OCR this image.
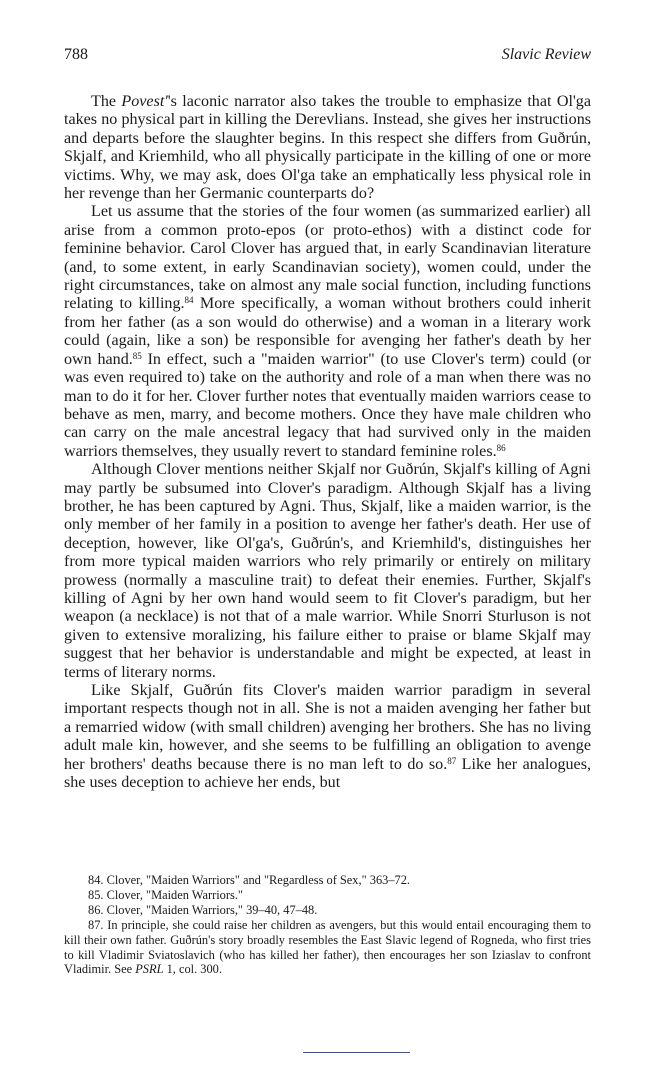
788	Slavic Review

The Povest''s laconic narrator also takes the trouble to emphasize that Ol'ga takes no physical part in killing the Derevlians. Instead, she gives her instructions and departs before the slaughter begins. In this respect she differs from Guðrún, Skjalf, and Kriemhild, who all physically participate in the killing of one or more victims. Why, we may ask, does Ol'ga take an emphatically less physical role in her revenge than her Germanic counterparts do?

Let us assume that the stories of the four women (as summarized earlier) all arise from a common proto-epos (or proto-ethos) with a distinct code for feminine behavior. Carol Clover has argued that, in early Scandinavian literature (and, to some extent, in early Scandinavian society), women could, under the right circumstances, take on almost any male social function, including functions relating to killing.$^{84}$ More specifically, a woman without brothers could inherit from her father (as a son would do otherwise) and a woman in a literary work could (again, like a son) be responsible for avenging her father's death by her own hand.$^{85}$ In effect, such a "maiden warrior" (to use Clover's term) could (or was even required to) take on the authority and role of a man when there was no man to do it for her. Clover further notes that eventually maiden warriors cease to behave as men, marry, and become mothers. Once they have male children who can carry on the male ancestral legacy that had survived only in the maiden warriors themselves, they usually revert to standard feminine roles.$^{86}$

Although Clover mentions neither Skjalf nor Guðrún, Skjalf's killing of Agni may partly be subsumed into Clover's paradigm. Although Skjalf has a living brother, he has been captured by Agni. Thus, Skjalf, like a maiden warrior, is the only member of her family in a position to avenge her father's death. Her use of deception, however, like Ol'ga's, Guðrún's, and Kriemhild's, distinguishes her from more typical maiden warriors who rely primarily or entirely on military prowess (normally a masculine trait) to defeat their enemies. Further, Skjalf's killing of Agni by her own hand would seem to fit Clover's paradigm, but her weapon (a necklace) is not that of a male warrior. While Snorri Sturluson is not given to extensive moralizing, his failure either to praise or blame Skjalf may suggest that her behavior is understandable and might be expected, at least in terms of literary norms.

Like Skjalf, Guðrún fits Clover's maiden warrior paradigm in several important respects though not in all. She is not a maiden avenging her father but a remarried widow (with small children) avenging her brothers. She has no living adult male kin, however, and she seems to be fulfilling an obligation to avenge her brothers' deaths because there is no man left to do so.$^{87}$ Like her analogues, she uses deception to achieve her ends, but

84. Clover, "Maiden Warriors" and "Regardless of Sex," 363–72.

85. Clover, "Maiden Warriors."

86. Clover, "Maiden Warriors," 39–40, 47–48.

87. In principle, she could raise her children as avengers, but this would entail encouraging them to kill their own father. Guðrún's story broadly resembles the East Slavic legend of Rogneda, who first tries to kill Vladimir Sviatoslavich (who has killed her father), then encourages her son Iziaslav to confront Vladimir. See PSRL 1, col. 300.
